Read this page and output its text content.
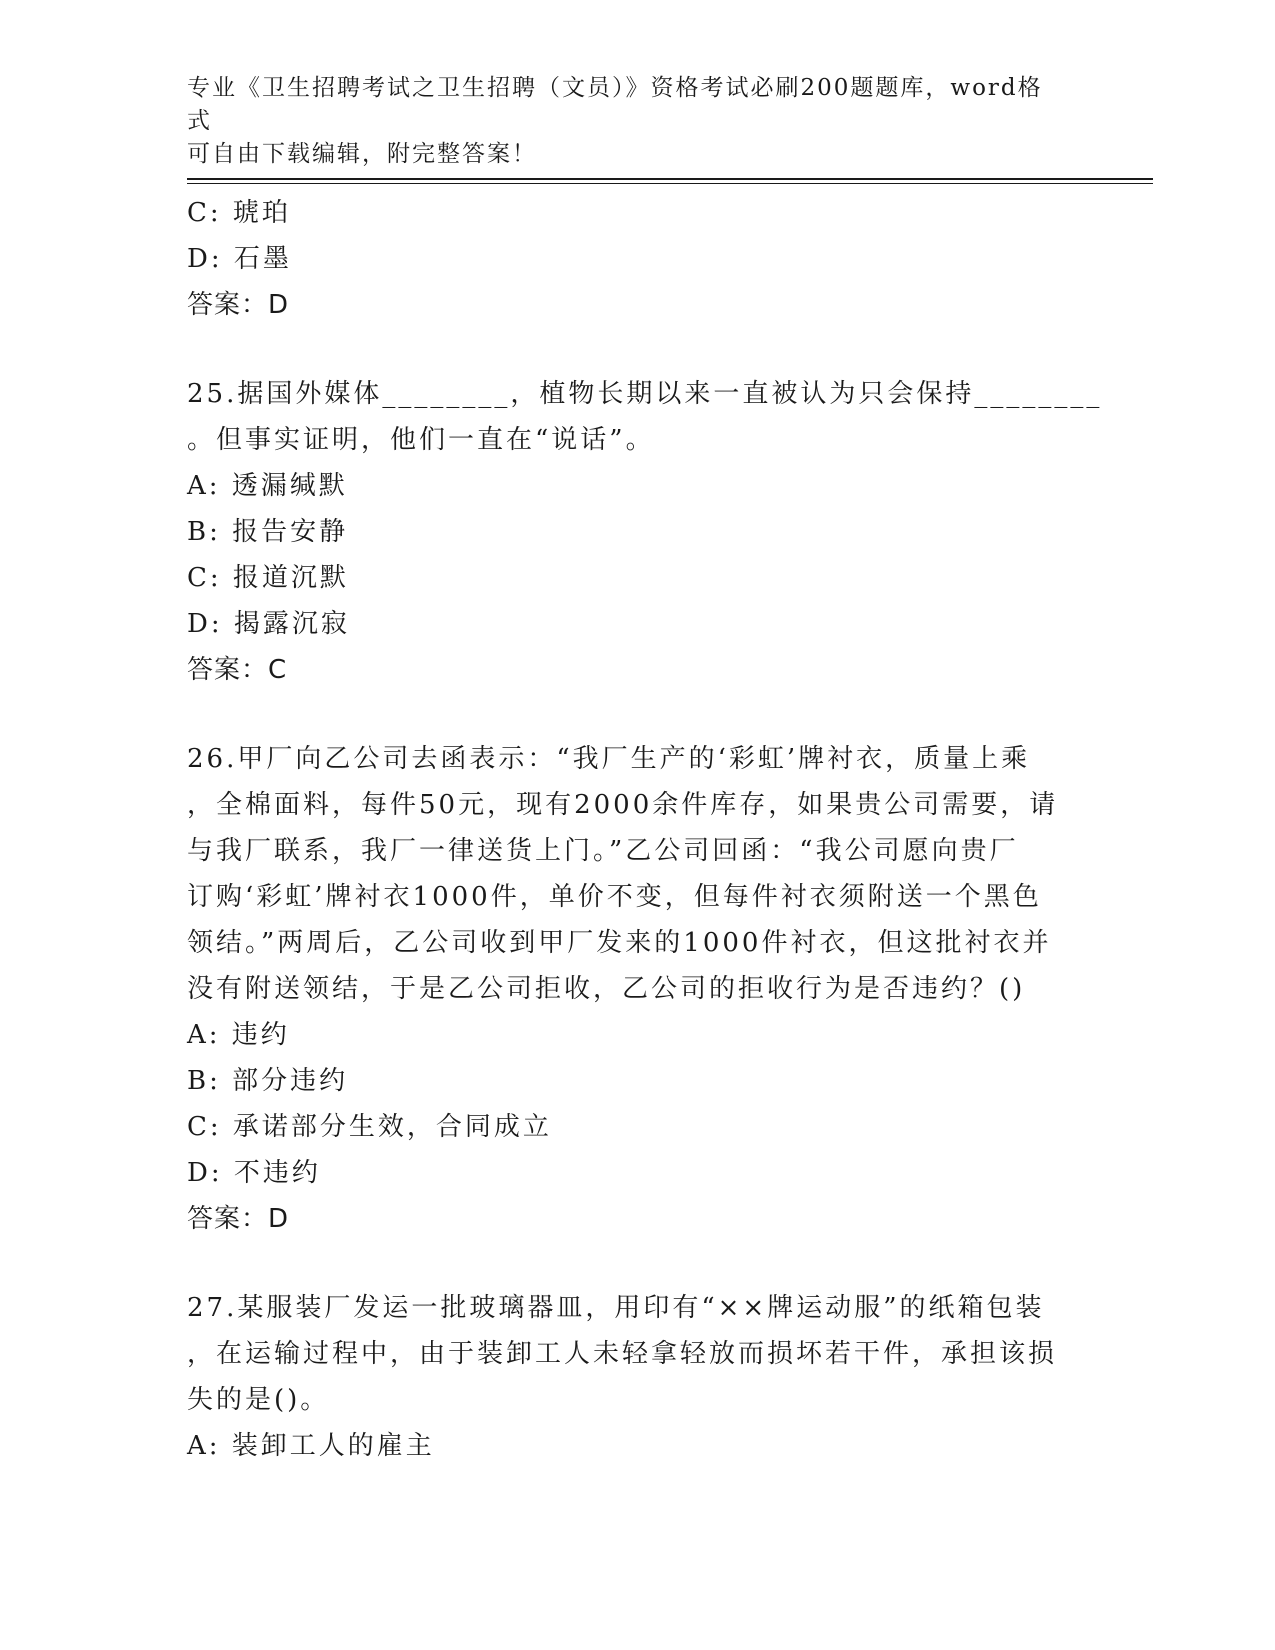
专业《卫生招聘考试之卫生招聘（文员）》资格考试必刷200题题库，word格式
可自由下载编辑，附完整答案！
C: 琥珀
D: 石墨
答案：D
25.据国外媒体________，植物长期以来一直被认为只会保持________
。但事实证明，他们一直在“说话”。
A: 透漏缄默
B: 报告安静
C: 报道沉默
D: 揭露沉寂
答案：C
26.甲厂向乙公司去函表示：“我厂生产的‘彩虹’牌衬衣，质量上乘
，全棉面料，每件50元，现有2000余件库存，如果贵公司需要，请
与我厂联系，我厂一律送货上门。”乙公司回函：“我公司愿向贵厂
订购‘彩虹’牌衬衣1000件，单价不变，但每件衬衣须附送一个黑色
领结。”两周后，乙公司收到甲厂发来的1000件衬衣，但这批衬衣并
没有附送领结，于是乙公司拒收，乙公司的拒收行为是否违约？()
A: 违约
B: 部分违约
C: 承诺部分生效，合同成立
D: 不违约
答案：D
27.某服装厂发运一批玻璃器皿，用印有“××牌运动服”的纸箱包装
，在运输过程中，由于装卸工人未轻拿轻放而损坏若干件，承担该损
失的是()。
A: 装卸工人的雇主
